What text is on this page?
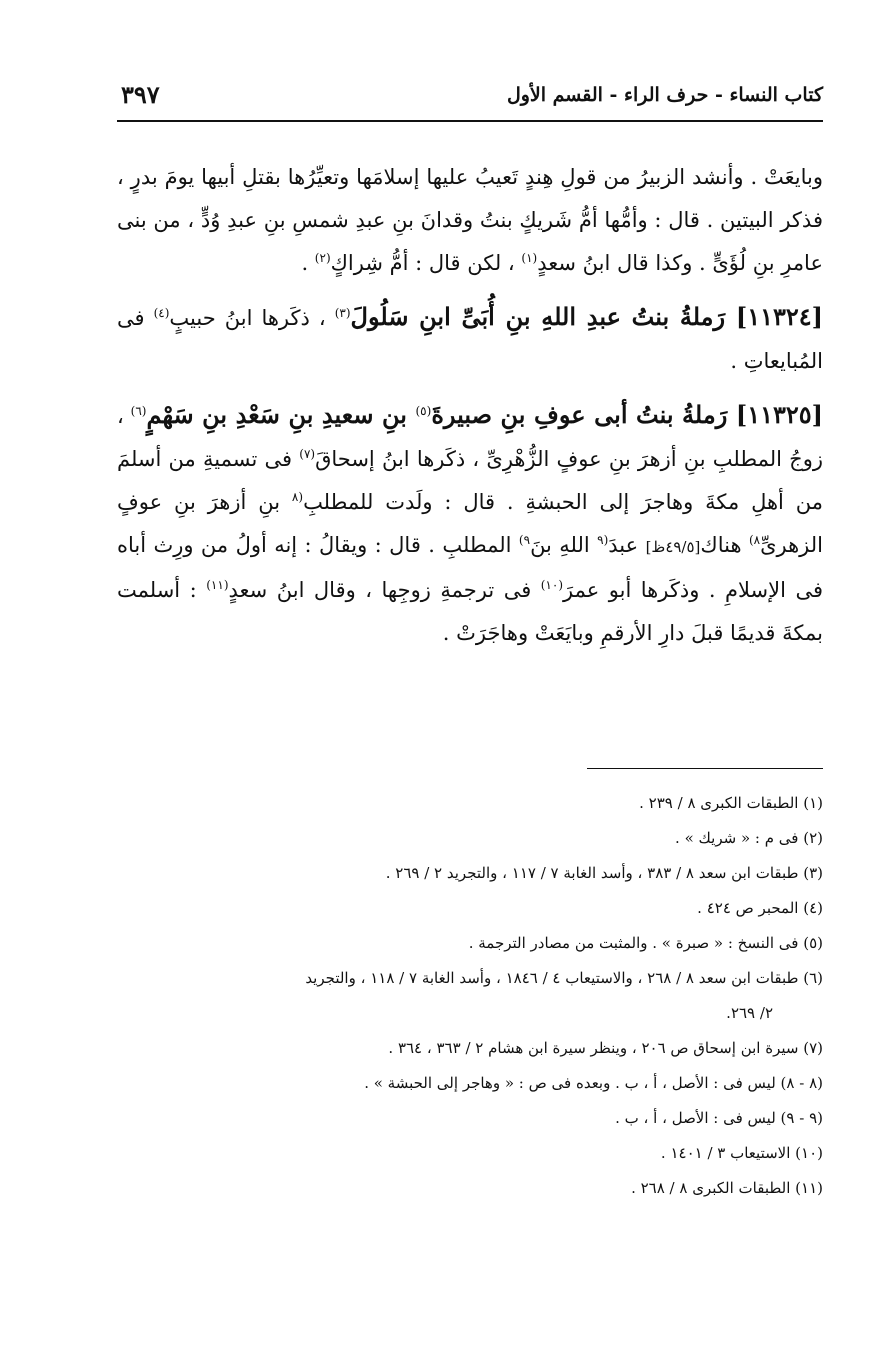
٣٩٧	كتاب النساء - حرف الراء - القسم الأول

وبايعَتْ . وأنشد الزبيرُ من قولِ هِندٍ تَعيبُ عليها إسلامَها وتعيِّرُها بقتلِ أبيها يومَ بدرٍ ، فذكر البيتين . قال : وأمُّها أمُّ شَريكٍ بنتُ وقدانَ بنِ عبدِ شمسِ بنِ عبدِ وُدٍّ ، من بنى عامرِ بنِ لُؤَىٍّ . وكذا قال ابنُ سعدٍ$^{(١)}$ ، لكن قال : أمُّ شِراكٍ$^{(٢)}$ .

[١١٣٢٤] رَملةُ بنتُ عبدِ اللهِ بنِ أُبَىِّ ابنِ سَلُولَ$^{(٣)}$ ، ذكَرها ابنُ حبيبٍ$^{(٤)}$ فى المُبايعاتِ .

[١١٣٢٥] رَملةُ بنتُ أبى عوفِ بنِ صبيرةَ$^{(٥)}$ بنِ سعيدِ بنِ سَعْدِ بنِ سَهْمٍ$^{(٦)}$ ، زوجُ المطلبِ بنِ أزهرَ بنِ عوفٍ الزُّهْرِىِّ ، ذكَرها ابنُ إسحاقَ$^{(٧)}$ فى تسميةِ من أسلمَ من أهلِ مكةَ وهاجرَ إلى الحبشةِ . قال : ولَدت للمطلبِ$^{(٨}$ بنِ أزهرَ بنِ عوفٍ الزهرىِّ$^{٨)}$ هناك[٤٩/٥ظ] عبدَ$^{(٩}$ اللهِ بنَ$^{٩)}$ المطلبِ . قال : ويقالُ : إنه أولُ من ورِث أباه فى الإسلامِ . وذكَرها أبو عمرَ$^{(١٠)}$ فى ترجمةِ زوجِها ، وقال ابنُ سعدٍ$^{(١١)}$ : أسلمت بمكةَ قديمًا قبلَ دارِ الأرقمِ وبايَعَتْ وهاجَرَتْ .

(١) الطبقات الكبرى ٨ / ٢٣٩ .

(٢) فى م : « شريك » .

(٣) طبقات ابن سعد ٨ / ٣٨٣ ، وأسد الغابة ٧ / ١١٧ ، والتجريد ٢ / ٢٦٩ .

(٤) المحبر ص ٤٢٤ .

(٥) فى النسخ : « صبرة » . والمثبت من مصادر الترجمة .

(٦) طبقات ابن سعد ٨ / ٢٦٨ ، والاستيعاب ٤ / ١٨٤٦ ، وأسد الغابة ٧ / ١١٨ ، والتجريد

٢/ ٢٦٩.

(٧) سيرة ابن إسحاق ص ٢٠٦ ، وينظر سيرة ابن هشام ٢ / ٣٦٣ ، ٣٦٤ .

(٨ - ٨) ليس فى : الأصل ، أ ، ب . وبعده فى ص : « وهاجر إلى الحبشة » .

(٩ - ٩) ليس فى : الأصل ، أ ، ب .

(١٠) الاستيعاب ٣ / ١٤٠١ .

(١١) الطبقات الكبرى ٨ / ٢٦٨ .
